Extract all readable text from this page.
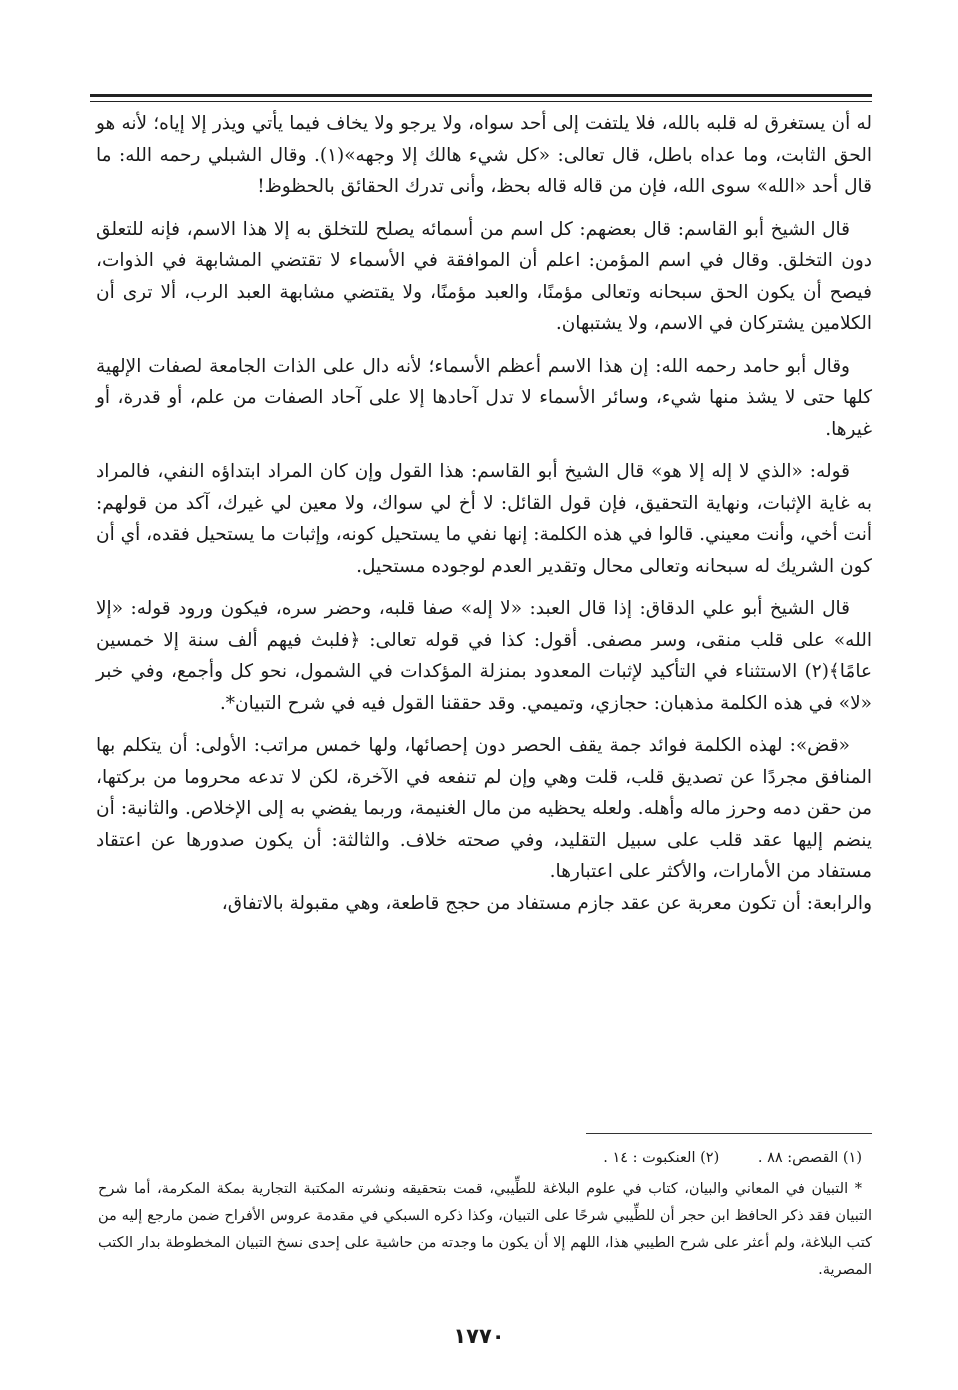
له أن يستغرق له قلبه بالله، فلا يلتفت إلى أحد سواه، ولا يرجو ولا يخاف فيما يأتي ويذر إلا إياه؛ لأنه هو الحق الثابت، وما عداه باطل، قال تعالى: «كل شيء هالك إلا وجهه»(١). وقال الشبلي رحمه الله: ما قال أحد «الله» سوى الله، فإن من قاله قاله بحظ، وأنى تدرك الحقائق بالحظوظ!

قال الشيخ أبو القاسم: قال بعضهم: كل اسم من أسمائه يصلح للتخلق به إلا هذا الاسم، فإنه للتعلق دون التخلق. وقال في اسم المؤمن: اعلم أن الموافقة في الأسماء لا تقتضي المشابهة في الذوات، فيصح أن يكون الحق سبحانه وتعالى مؤمنًا، والعبد مؤمنًا، ولا يقتضي مشابهة العبد الرب، ألا ترى أن الكلامين يشتركان في الاسم، ولا يشتبهان.

وقال أبو حامد رحمه الله: إن هذا الاسم أعظم الأسماء؛ لأنه دال على الذات الجامعة لصفات الإلهية كلها حتى لا يشذ منها شيء، وسائر الأسماء لا تدل آحادها إلا على آحاد الصفات من علم، أو قدرة، أو غيرها.

قوله: «الذي لا إله إلا هو» قال الشيخ أبو القاسم: هذا القول وإن كان المراد ابتداؤه النفي، فالمراد به غاية الإثبات، ونهاية التحقيق، فإن قول القائل: لا أخ لي سواك، ولا معين لي غيرك، آكد من قولهم: أنت أخي، وأنت معيني. قالوا في هذه الكلمة: إنها نفي ما يستحيل كونه، وإثبات ما يستحيل فقده، أي أن كون الشريك له سبحانه وتعالى محال وتقدير العدم لوجوده مستحيل.

قال الشيخ أبو علي الدقاق: إذا قال العبد: «لا إله» صفا قلبه، وحضر سره، فيكون ورود قوله: «إلا الله» على قلب منقى، وسر مصفى. أقول: كذا في قوله تعالى: ﴿فلبث فيهم ألف سنة إلا خمسين عامًا﴾(٢) الاستثناء في التأكيد لإثبات المعدود بمنزلة المؤكدات في الشمول، نحو كل وأجمع، وفي خبر «لا» في هذه الكلمة مذهبان: حجازي، وتميمي. وقد حققنا القول فيه في شرح التبيان*.

«قض»: لهذه الكلمة فوائد جمة يقف الحصر دون إحصائها، ولها خمس مراتب: الأولى: أن يتكلم بها المنافق مجردًا عن تصديق قلب، قلت وهي وإن لم تنفعه في الآخرة، لكن لا تدعه محروما من بركتها، من حقن دمه وحرز ماله وأهله. ولعله يحظيه من مال الغنيمة، وربما يفضي به إلى الإخلاص. والثانية: أن ينضم إليها عقد قلب على سبيل التقليد، وفي صحته خلاف. والثالثة: أن يكون صدورها عن اعتقاد مستفاد من الأمارات، والأكثر على اعتبارها.

والرابعة: أن تكون معربة عن عقد جازم مستفاد من حجج قاطعة، وهي مقبولة بالاتفاق،

(١) القصص: ٨٨ . (٢) العنكبوت : ١٤ .

* التبيان في المعاني والبيان، كتاب في علوم البلاغة للطِّيبي، قمت بتحقيقه ونشرته المكتبة التجارية بمكة المكرمة، أما شرح التبيان فقد ذكر الحافظ ابن حجر أن للطِّيبي شرحًا على التبيان، وكذا ذكره السبكي في مقدمة عروس الأفراح ضمن مارجع إليه من كتب البلاغة، ولم أعثر على شرح الطيبي هذا، اللهم إلا أن يكون ما وجدته من حاشية على إحدى نسخ التبيان المخطوطة بدار الكتب المصرية.

١٧٧٠
